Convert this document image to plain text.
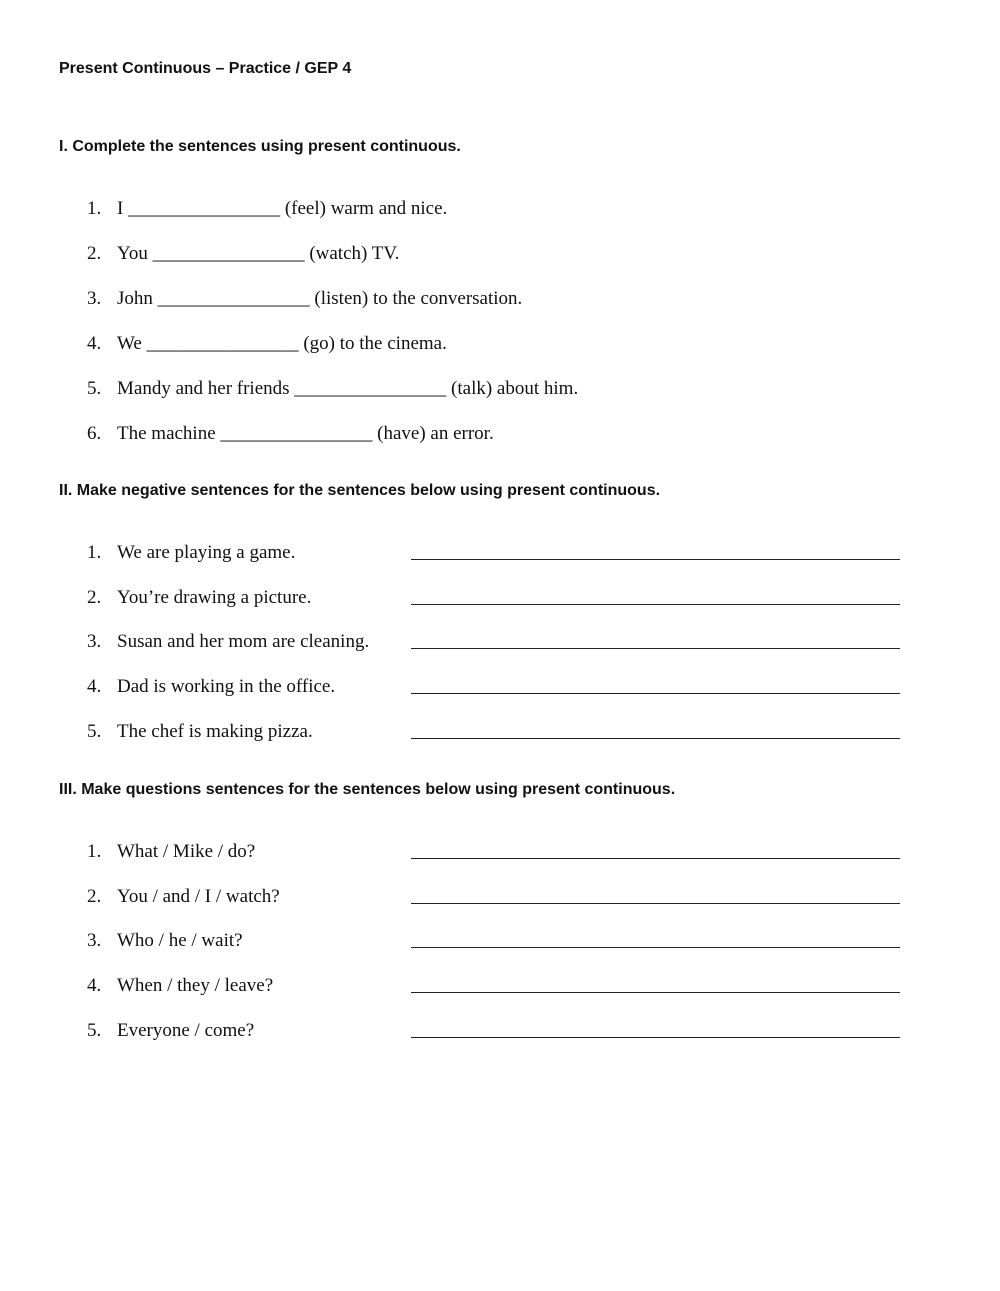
Present Continuous – Practice / GEP 4
I. Complete the sentences using present continuous.
1. I ________________ (feel) warm and nice.
2. You ________________ (watch) TV.
3. John ________________ (listen) to the conversation.
4. We ________________ (go) to the cinema.
5. Mandy and her friends ________________ (talk) about him.
6. The machine ________________ (have) an error.
II. Make negative sentences for the sentences below using present continuous.
1. We are playing a game.
2. You’re drawing a picture.
3. Susan and her mom are cleaning.
4. Dad is working in the office.
5. The chef is making pizza.
III. Make questions sentences for the sentences below using present continuous.
1. What / Mike / do?
2. You / and / I / watch?
3. Who / he / wait?
4. When / they / leave?
5. Everyone / come?
